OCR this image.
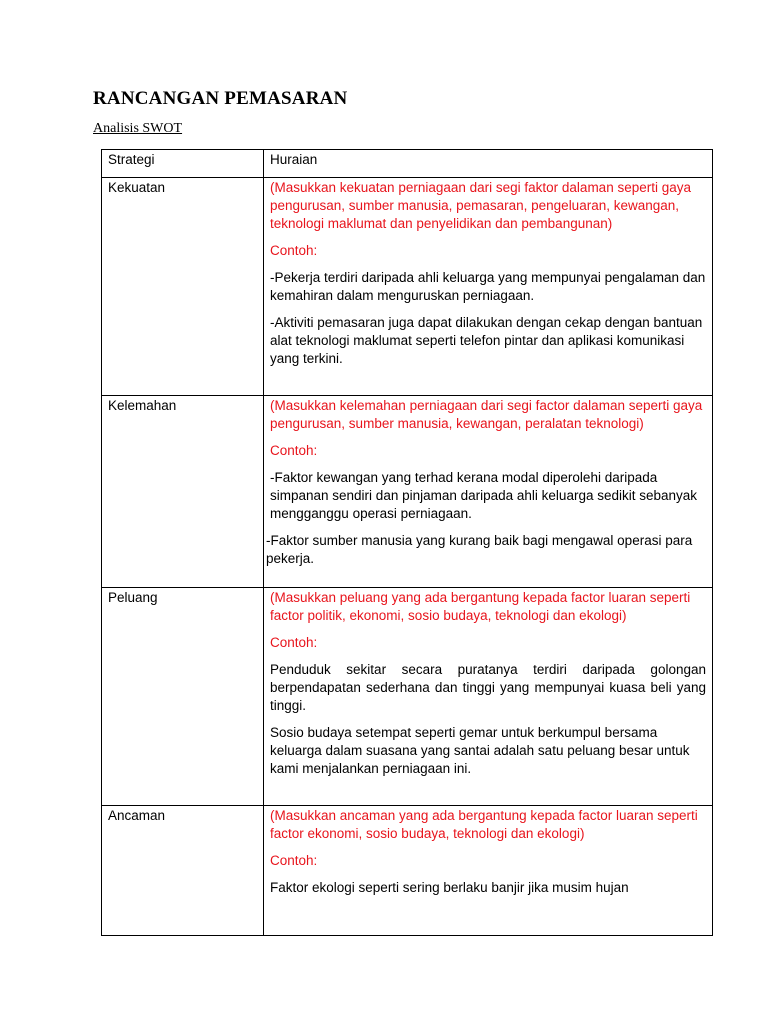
RANCANGAN PEMASARAN

Analisis SWOT

Strategi	Huraian
Kekuatan	(Masukkan kekuatan perniagaan dari segi faktor dalaman seperti gaya pengurusan, sumber manusia, pemasaran, pengeluaran, kewangan, teknologi maklumat dan penyelidikan dan pembangunan)

Contoh:

-Pekerja terdiri daripada ahli keluarga yang mempunyai pengalaman dan kemahiran dalam menguruskan perniagaan.

-Aktiviti pemasaran juga dapat dilakukan dengan cekap dengan bantuan alat teknologi maklumat seperti telefon pintar dan aplikasi komunikasi yang terkini.

Kelemahan	(Masukkan kelemahan perniagaan dari segi factor dalaman seperti gaya pengurusan, sumber manusia, kewangan, peralatan teknologi)

Contoh:

-Faktor kewangan yang terhad kerana modal diperolehi daripada simpanan sendiri dan pinjaman daripada ahli keluarga sedikit sebanyak mengganggu operasi perniagaan.

-Faktor sumber manusia yang kurang baik bagi mengawal operasi para pekerja.

Peluang	(Masukkan peluang yang ada bergantung kepada factor luaran seperti factor politik, ekonomi, sosio budaya, teknologi dan ekologi)

Contoh:

Penduduk sekitar secara puratanya terdiri daripada golongan berpendapatan sederhana dan tinggi yang mempunyai kuasa beli yang tinggi.

Sosio budaya setempat seperti gemar untuk berkumpul bersama keluarga dalam suasana yang santai adalah satu peluang besar untuk kami menjalankan perniagaan ini.

Ancaman	(Masukkan ancaman yang ada bergantung kepada factor luaran seperti factor ekonomi, sosio budaya, teknologi dan ekologi)

Contoh:

Faktor ekologi seperti sering berlaku banjir jika musim hujan
